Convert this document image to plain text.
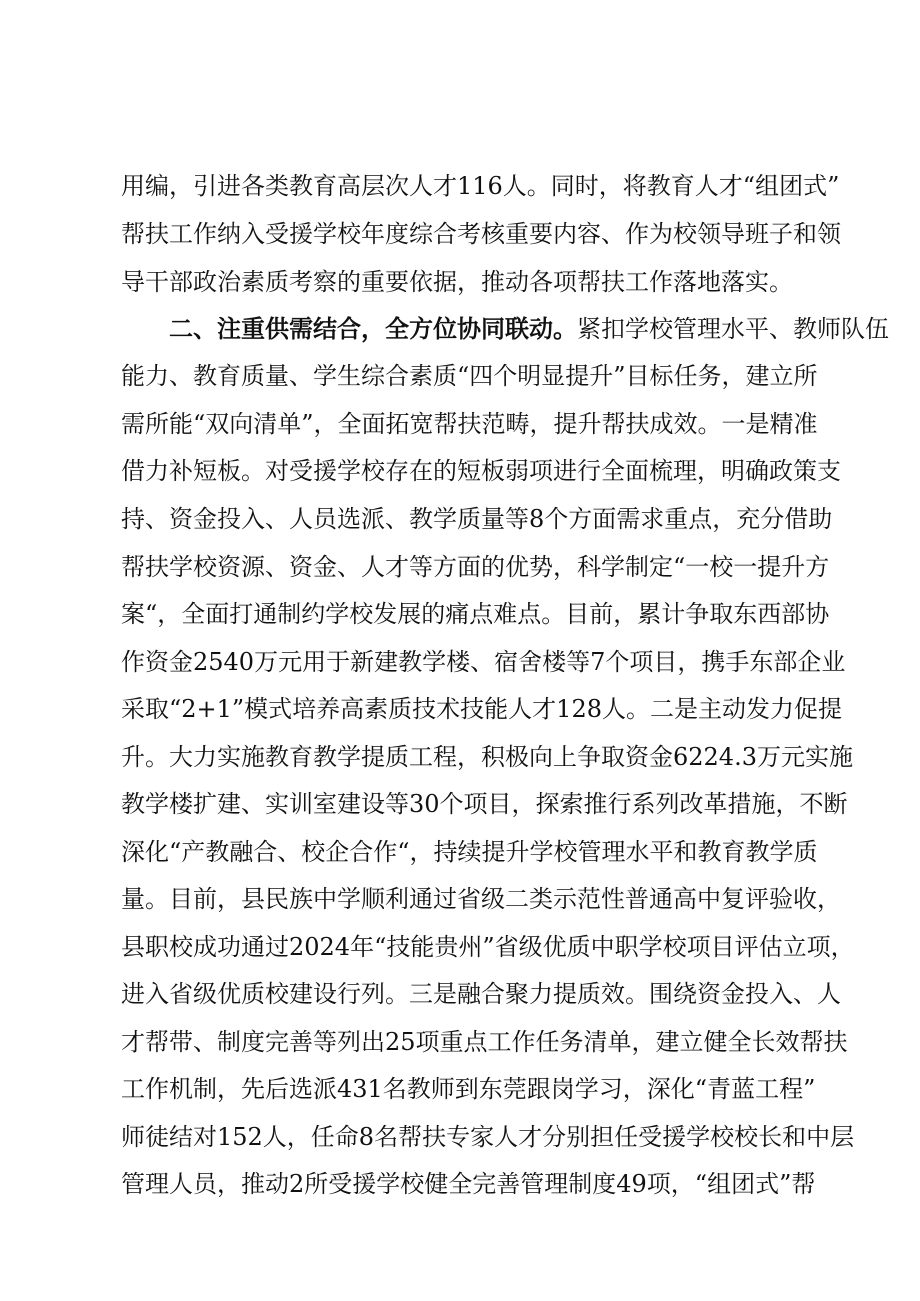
用编，引进各类教育高层次人才116人。同时，将教育人才“组团式”
帮扶工作纳入受援学校年度综合考核重要内容、作为校领导班子和领
导干部政治素质考察的重要依据，推动各项帮扶工作落地落实。
二、注重供需结合，全方位协同联动。紧扣学校管理水平、教师队伍
能力、教育质量、学生综合素质“四个明显提升”目标任务，建立所
需所能“双向清单”，全面拓宽帮扶范畴，提升帮扶成效。一是精准
借力补短板。对受援学校存在的短板弱项进行全面梳理，明确政策支
持、资金投入、人员选派、教学质量等8个方面需求重点，充分借助
帮扶学校资源、资金、人才等方面的优势，科学制定“一校一提升方
案“，全面打通制约学校发展的痛点难点。目前，累计争取东西部协
作资金2540万元用于新建教学楼、宿舍楼等7个项目，携手东部企业
采取“2+1”模式培养高素质技术技能人才128人。二是主动发力促提
升。大力实施教育教学提质工程，积极向上争取资金6224.3万元实施
教学楼扩建、实训室建设等30个项目，探索推行系列改革措施，不断
深化“产教融合、校企合作“，持续提升学校管理水平和教育教学质
量。目前，县民族中学顺利通过省级二类示范性普通高中复评验收，
县职校成功通过2024年“技能贵州”省级优质中职学校项目评估立项，
进入省级优质校建设行列。三是融合聚力提质效。围绕资金投入、人
才帮带、制度完善等列出25项重点工作任务清单，建立健全长效帮扶
工作机制，先后选派431名教师到东莞跟岗学习，深化“青蓝工程”
师徒结对152人，任命8名帮扶专家人才分别担任受援学校校长和中层
管理人员，推动2所受援学校健全完善管理制度49项，“组团式”帮
